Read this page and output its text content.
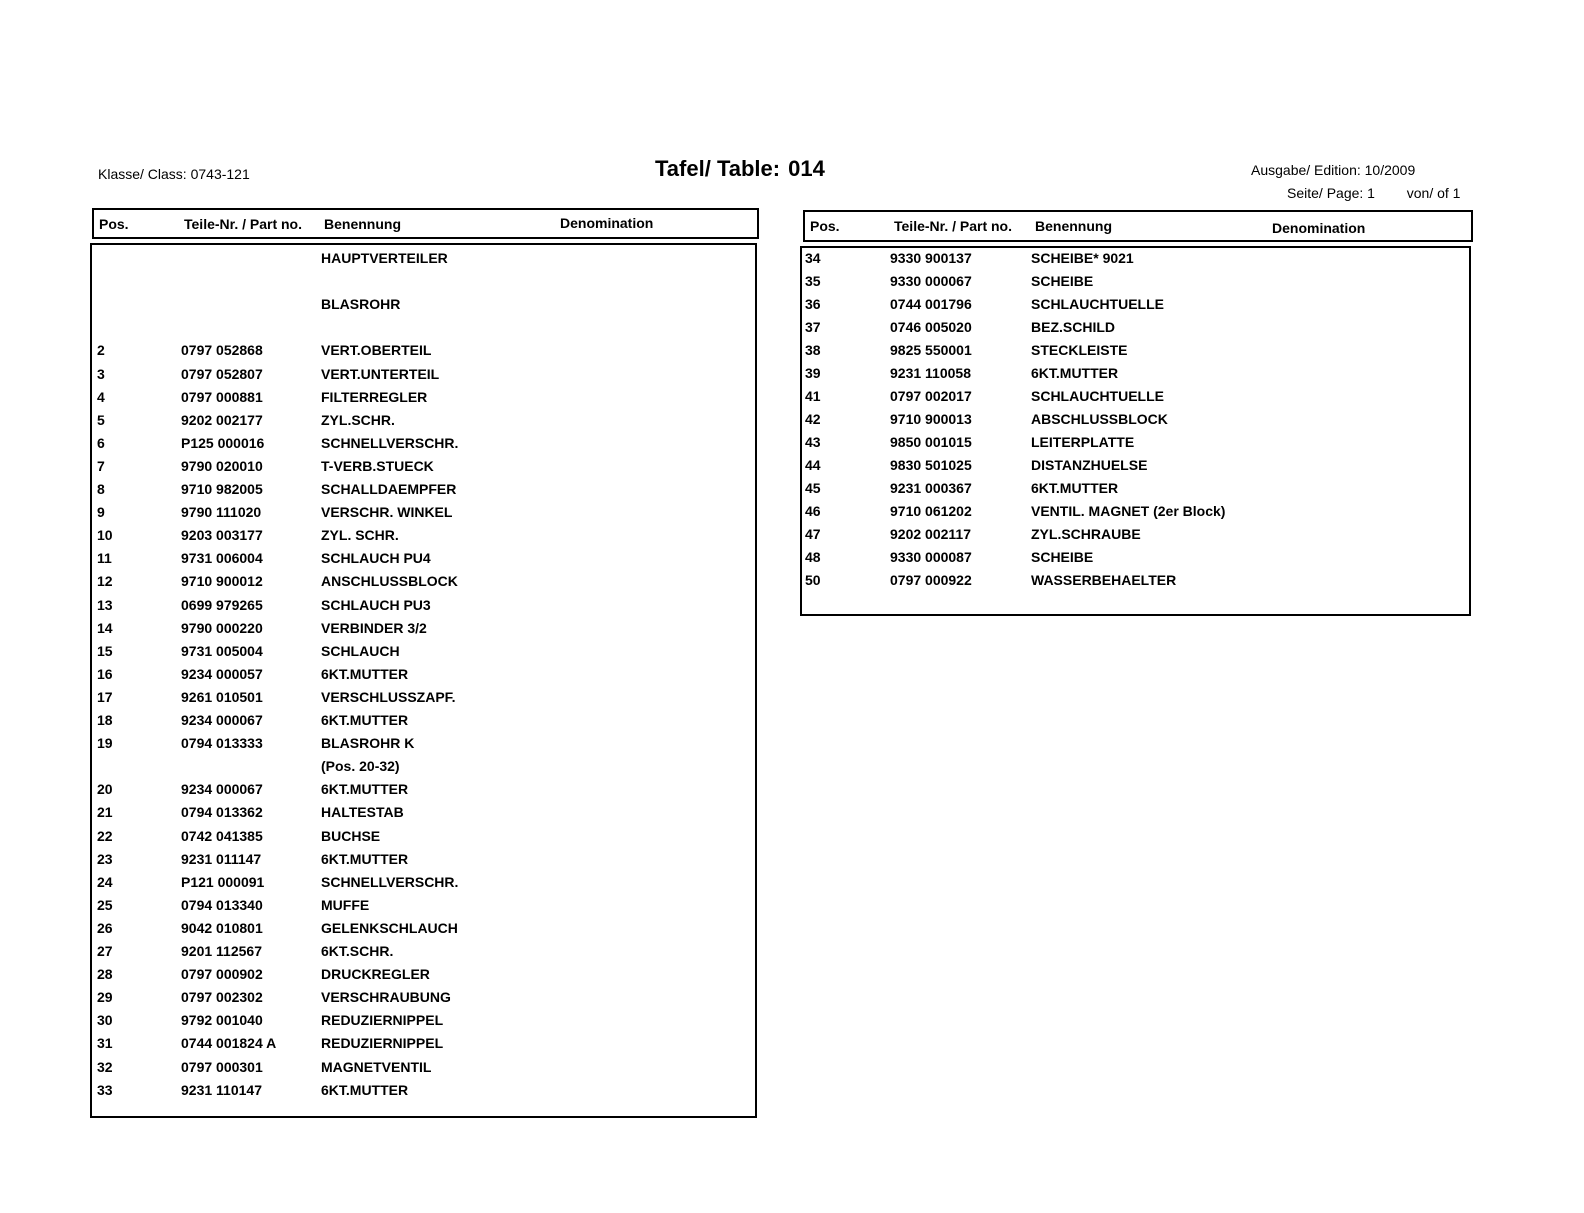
Klasse/ Class: 0743-121	Tafel/ Table: 014	Ausgabe/ Edition: 10/2009
Seite/ Page: 1 von/ of 1
Pos.	Teile-Nr. / Part no. Benennung	Denomination
HAUPTVERTEILER
BLASROHR
2	0797 052868	VERT.OBERTEIL
3	0797 052807	VERT.UNTERTEIL
4	0797 000881	FILTERREGLER
5	9202 002177	ZYL.SCHR.
6	P125 000016	SCHNELLVERSCHR.
7	9790 020010	T-VERB.STUECK
8	9710 982005	SCHALLDAEMPFER
9	9790 111020	VERSCHR. WINKEL
10	9203 003177	ZYL. SCHR.
11	9731 006004	SCHLAUCH PU4
12	9710 900012	ANSCHLUSSBLOCK
13	0699 979265	SCHLAUCH PU3
14	9790 000220	VERBINDER 3/2
15	9731 005004	SCHLAUCH
16	9234 000057	6KT.MUTTER
17	9261 010501	VERSCHLUSSZAPF.
18	9234 000067	6KT.MUTTER
19	0794 013333	BLASROHR K
(Pos. 20-32)
20	9234 000067	6KT.MUTTER
21	0794 013362	HALTESTAB
22	0742 041385	BUCHSE
23	9231 011147	6KT.MUTTER
24	P121 000091	SCHNELLVERSCHR.
25	0794 013340	MUFFE
26	9042 010801	GELENKSCHLAUCH
27	9201 112567	6KT.SCHR.
28	0797 000902	DRUCKREGLER
29	0797 002302	VERSCHRAUBUNG
30	9792 001040	REDUZIERNIPPEL
31	0744 001824 A	REDUZIERNIPPEL
32	0797 000301	MAGNETVENTIL
33	9231 110147	6KT.MUTTER
Pos.	Teile-Nr. / Part no. Benennung	Denomination
34	9330 900137	SCHEIBE* 9021
35	9330 000067	SCHEIBE
36	0744 001796	SCHLAUCHTUELLE
37	0746 005020	BEZ.SCHILD
38	9825 550001	STECKLEISTE
39	9231 110058	6KT.MUTTER
41	0797 002017	SCHLAUCHTUELLE
42	9710 900013	ABSCHLUSSBLOCK
43	9850 001015	LEITERPLATTE
44	9830 501025	DISTANZHUELSE
45	9231 000367	6KT.MUTTER
46	9710 061202	VENTIL. MAGNET (2er Block)
47	9202 002117	ZYL.SCHRAUBE
48	9330 000087	SCHEIBE
50	0797 000922	WASSERBEHAELTER
